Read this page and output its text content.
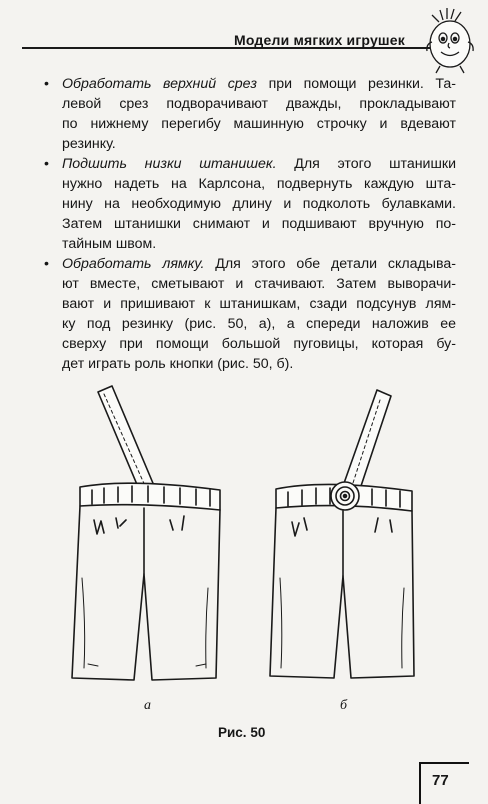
Модели мягких игрушек
• Обработать верхний срез при помощи резинки. Та-
левой срез подворачивают дважды, прокладывают
по нижнему перегибу машинную строчку и вдевают
резинку.
• Подшить низки штанишек. Для этого штанишки
нужно надеть на Карлсона, подвернуть каждую шта-
нину на необходимую длину и подколоть булавками.
Затем штанишки снимают и подшивают вручную по-
тайным швом.
• Обработать лямку. Для этого обе детали складыва-
ют вместе, сметывают и стачивают. Затем выворачи-
вают и пришивают к штанишкам, сзади подсунув лям-
ку под резинку (рис. 50, а), а спереди наложив ее
сверху при помощи большой пуговицы, которая бу-
дет играть роль кнопки (рис. 50, б).
а	б
Рис. 50
77
